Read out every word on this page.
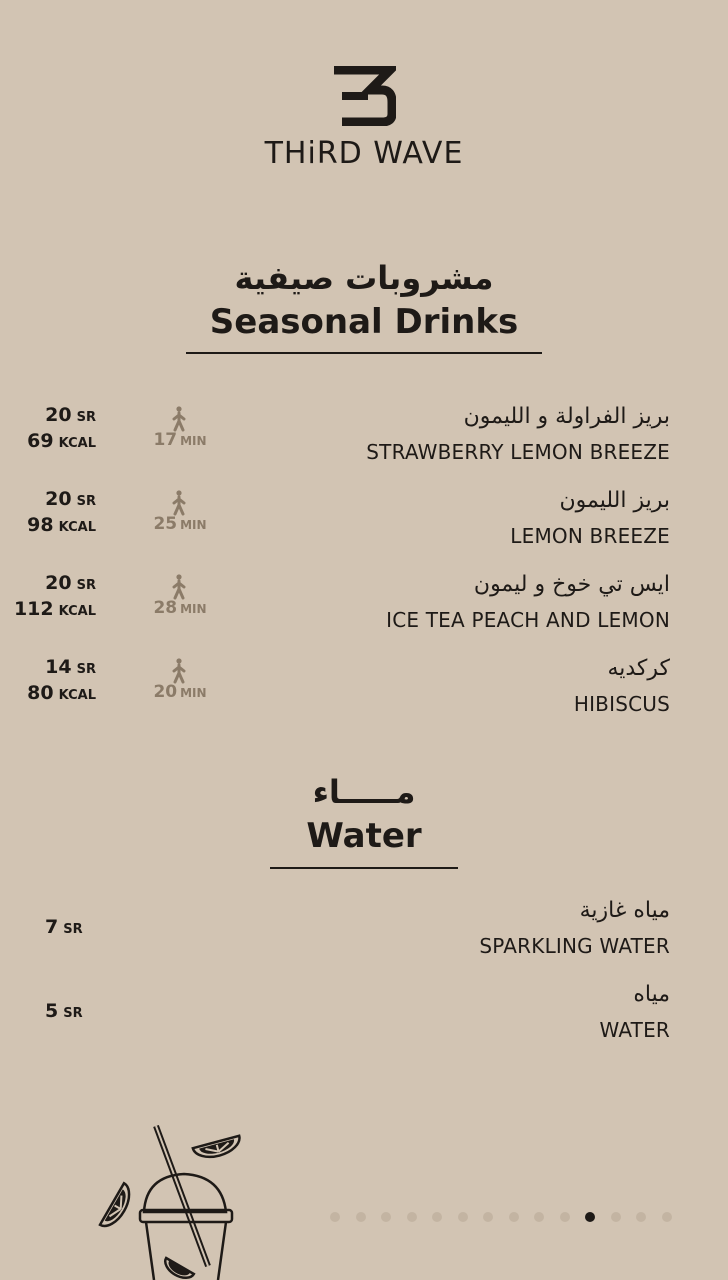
THiRD WAVE
مشروبات صيفية
Seasonal Drinks
20 SR
69 KCAL	17 MIN
بريز الفراولة و الليمون
STRAWBERRY LEMON BREEZE
20 SR
98 KCAL	25 MIN
بريز الليمون
LEMON BREEZE
20 SR
112 KCAL	28 MIN
ايس تي خوخ و ليمون
ICE TEA PEACH AND LEMON
14 SR
80 KCAL	20 MIN
كركديه
HIBISCUS
مـــــاء
Water
7 SR
مياه غازية
SPARKLING WATER
5 SR
مياه
WATER
